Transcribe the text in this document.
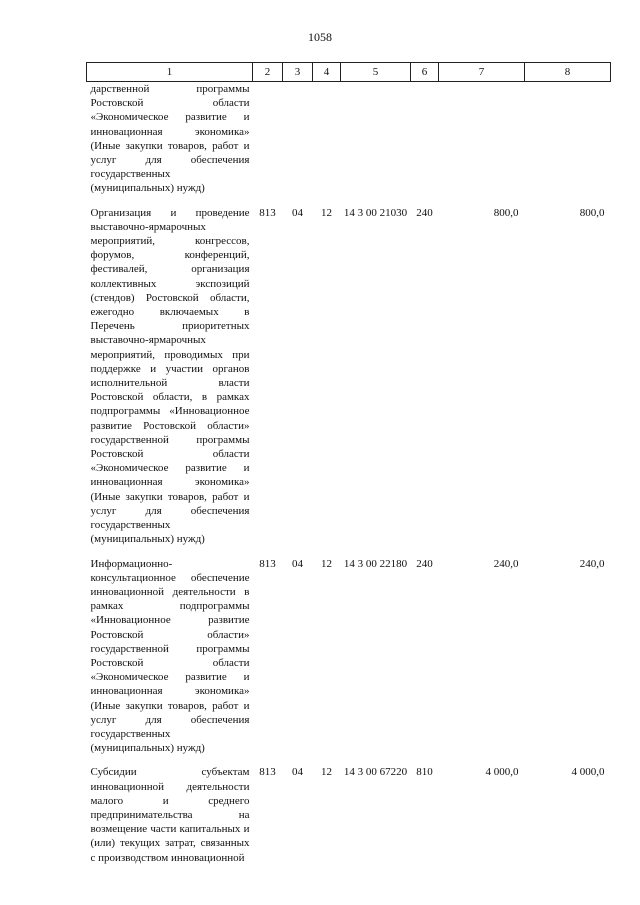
1058
1	2	3	4	5	6	7	8
дарственной программы Ростовской области «Экономическое развитие и инновационная экономика» (Иные закупки товаров, работ и услуг для обеспечения государственных (муниципальных) нужд)							
Организация и проведение выставочно-ярмарочных мероприятий, конгрессов, форумов, конференций, фестивалей, организация коллективных экспозиций (стендов) Ростовской области, ежегодно включаемых в Перечень приоритетных выставочно-ярмарочных мероприятий, проводимых при поддержке и участии органов исполнительной власти Ростовской области, в рамках подпрограммы «Инновационное развитие Ростовской области» государственной программы Ростовской области «Экономическое развитие и инновационная экономика» (Иные закупки товаров, работ и услуг для обеспечения государственных (муниципальных) нужд)	813	04	12	14 3 00 21030	240	800,0	800,0
Информационно-консультационное обеспечение инновационной деятельности в рамках подпрограммы «Инновационное развитие Ростовской области» государственной программы Ростовской области «Экономическое развитие и инновационная экономика» (Иные закупки товаров, работ и услуг для обеспечения государственных (муниципальных) нужд)	813	04	12	14 3 00 22180	240	240,0	240,0
Субсидии субъектам инновационной деятельности малого и среднего предпринимательства на возмещение части капитальных и (или) текущих затрат, связанных с производством инновационной	813	04	12	14 3 00 67220	810	4 000,0	4 000,0
